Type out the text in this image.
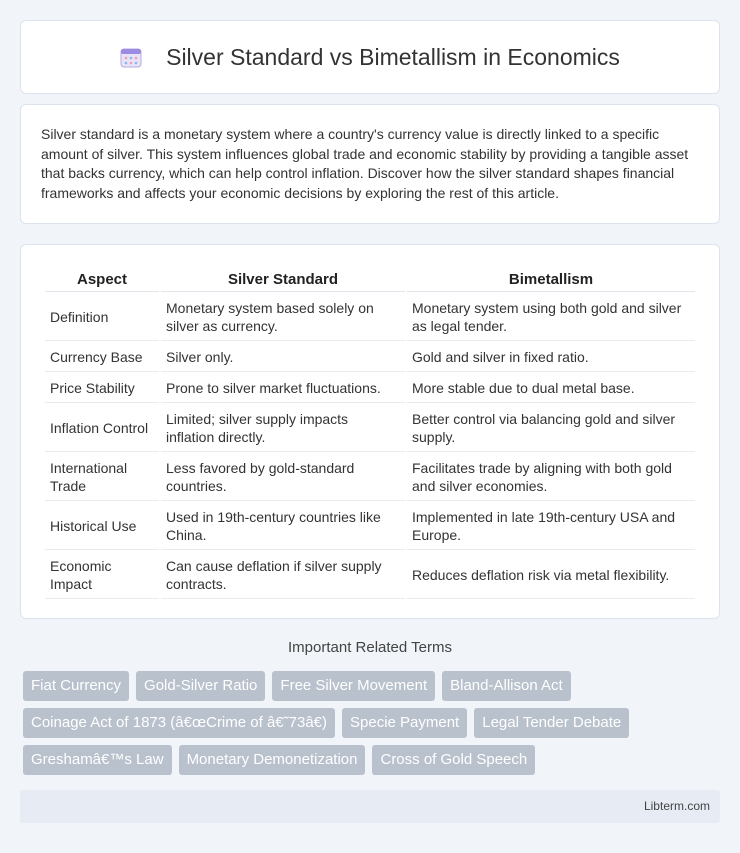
Silver Standard vs Bimetallism in Economics

Silver standard is a monetary system where a country's currency value is directly linked to a specific amount of silver. This system influences global trade and economic stability by providing a tangible asset that backs currency, which can help control inflation. Discover how the silver standard shapes financial frameworks and affects your economic decisions by exploring the rest of this article.

Aspect	Silver Standard	Bimetallism
Definition	Monetary system based solely on silver as currency.	Monetary system using both gold and silver as legal tender.
Currency Base	Silver only.	Gold and silver in fixed ratio.
Price Stability	Prone to silver market fluctuations.	More stable due to dual metal base.
Inflation Control	Limited; silver supply impacts inflation directly.	Better control via balancing gold and silver supply.
International Trade	Less favored by gold-standard countries.	Facilitates trade by aligning with both gold and silver economies.
Historical Use	Used in 19th-century countries like China.	Implemented in late 19th-century USA and Europe.
Economic Impact	Can cause deflation if silver supply contracts.	Reduces deflation risk via metal flexibility.
Important Related Terms
Fiat Currency	Gold-Silver Ratio	Free Silver Movement	Bland-Allison Act
Coinage Act of 1873 (â€œCrime of â€˜73â€)	Specie Payment	Legal Tender Debate
Greshamâ€™s Law	Monetary Demonetization	Cross of Gold Speech
Libterm.com
